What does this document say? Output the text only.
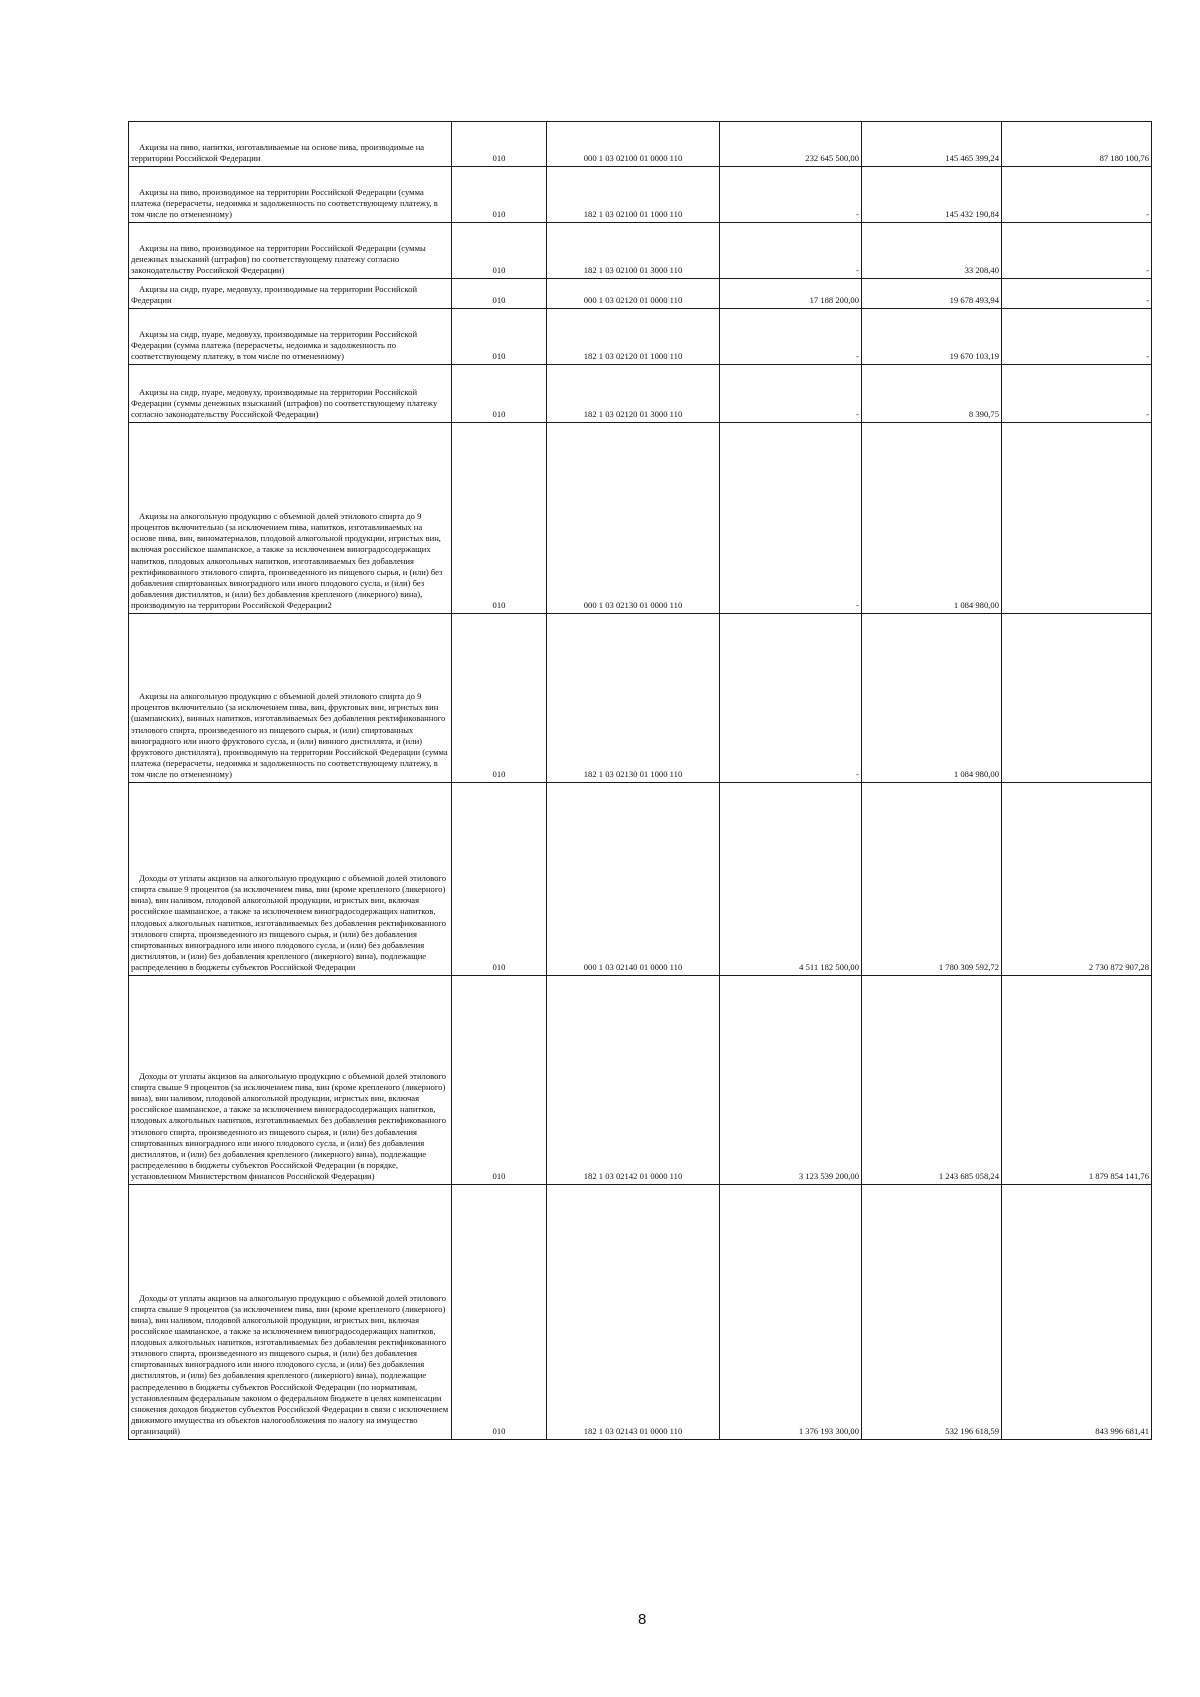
Акцизы на пиво, напитки, изготавливаемые на основе пива, производимые на территории Российской Федерации	010	000 1 03 02100 01 0000 110	232 645 500,00	145 465 399,24	87 180 100,76
Акцизы на пиво, производимое на территории Российской Федерации (сумма платежа (перерасчеты, недоимка и задолженность по соответствующему платежу, в том числе по отмененному)	010	182 1 03 02100 01 1000 110	-	145 432 190,84	-
Акцизы на пиво, производимое на территории Российской Федерации (суммы денежных взысканий (штрафов) по соответствующему платежу согласно законодательству Российской Федерации)	010	182 1 03 02100 01 3000 110	-	33 208,40	-
Акцизы на сидр, пуаре, медовуху, производимые на территории Российской Федерации	010	000 1 03 02120 01 0000 110	17 188 200,00	19 678 493,94	-
Акцизы на сидр, пуаре, медовуху, производимые на территории Российской Федерации (сумма платежа (перерасчеты, недоимка и задолженность по соответствующему платежу, в том числе по отмененному)	010	182 1 03 02120 01 1000 110	-	19 670 103,19	-
Акцизы на сидр, пуаре, медовуху, производимые на территории Российской Федерации (суммы денежных взысканий (штрафов) по соответствующему платежу согласно законодательству Российской Федерации)	010	182 1 03 02120 01 3000 110	-	8 390,75	-
Акцизы на алкогольную продукцию с объемной долей этилового спирта до 9 процентов включительно (за исключением пива, напитков, изготавливаемых на основе пива, вин, виноматериалов, плодовой алкогольной продукции, игристых вин, включая российское шампанское, а также за исключением виноградосодержащих напитков, плодовых алкогольных напитков, изготавливаемых без добавления ректификованного этилового спирта, произведенного из пищевого сырья, и (или) без добавления спиртованных виноградного или иного плодового сусла, и (или) без добавления дистиллятов, и (или) без добавления крепленого (ликерного) вина), производимую на территории Российской Федерации2	010	000 1 03 02130 01 0000 110	-	1 084 980,00	
Акцизы на алкогольную продукцию с объемной долей этилового спирта до 9 процентов включительно (за исключением пива, вин, фруктовых вин, игристых вин (шампанских), винных напитков, изготавливаемых без добавления ректификованного этилового спирта, произведенного из пищевого сырья, и (или) спиртованных виноградного или иного фруктового сусла, и (или) винного дистиллята, и (или) фруктового дистиллята), производимую на территории Российской Федерации (сумма платежа (перерасчеты, недоимка и задолженность по соответствующему платежу, в том числе по отмененному)	010	182 1 03 02130 01 1000 110	-	1 084 980,00	
Доходы от уплаты акцизов на алкогольную продукцию с объемной долей этилового спирта свыше 9 процентов (за исключением пива, вин (кроме крепленого (ликерного) вина), вин наливом, плодовой алкогольной продукции, игристых вин, включая российское шампанское, а также за исключением виноградосодержащих напитков, плодовых алкогольных напитков, изготавливаемых без добавления ректификованного этилового спирта, произведенного из пищевого сырья, и (или) без добавления спиртованных виноградного или иного плодового сусла, и (или) без добавления дистиллятов, и (или) без добавления крепленого (ликерного) вина), подлежащие распределению в бюджеты субъектов Российской Федерации	010	000 1 03 02140 01 0000 110	4 511 182 500,00	1 780 309 592,72	2 730 872 907,28
Доходы от уплаты акцизов на алкогольную продукцию с объемной долей этилового спирта свыше 9 процентов (за исключением пива, вин (кроме крепленого (ликерного) вина), вин наливом, плодовой алкогольной продукции, игристых вин, включая российское шампанское, а также за исключением виноградосодержащих напитков, плодовых алкогольных напитков, изготавливаемых без добавления ректификованного этилового спирта, произведенного из пищевого сырья, и (или) без добавления спиртованных виноградного или иного плодового сусла, и (или) без добавления дистиллятов, и (или) без добавления крепленого (ликерного) вина), подлежащие распределению в бюджеты субъектов Российской Федерации (в порядке, установленном Министерством финансов Российской Федерации)	010	182 1 03 02142 01 0000 110	3 123 539 200,00	1 243 685 058,24	1 879 854 141,76
Доходы от уплаты акцизов на алкогольную продукцию с объемной долей этилового спирта свыше 9 процентов (за исключением пива, вин (кроме крепленого (ликерного) вина), вин наливом, плодовой алкогольной продукции, игристых вин, включая российское шампанское, а также за исключением виноградосодержащих напитков, плодовых алкогольных напитков, изготавливаемых без добавления ректификованного этилового спирта, произведенного из пищевого сырья, и (или) без добавления спиртованных виноградного или иного плодового сусла, и (или) без добавления дистиллятов, и (или) без добавления крепленого (ликерного) вина), подлежащие распределению в бюджеты субъектов Российской Федерации (по нормативам, установленным федеральным законом о федеральном бюджете в целях компенсации снижения доходов бюджетов субъектов Российской Федерации в связи с исключением движимого имущества из объектов налогообложения по налогу на имущество организаций)	010	182 1 03 02143 01 0000 110	1 376 193 300,00	532 196 618,59	843 996 681,41
8
